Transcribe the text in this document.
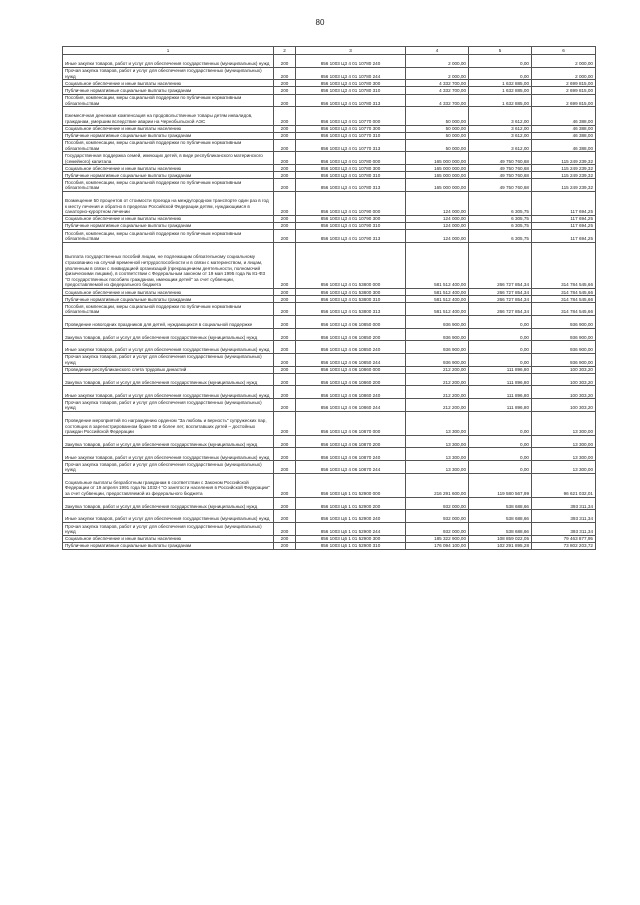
80
1	2	3	4	5	6
Иные закупки товаров, работ и услуг для обеспечения государственных (муниципальных) нужд	200	856 1003 Ц3 4 01 10780 240	2 000,00	0,00	2 000,00
Прочая закупка товаров, работ и услуг для обеспечения государственных (муниципальных) нужд	200	856 1003 Ц3 4 01 10780 244	2 000,00	0,00	2 000,00
Социальное обеспечение и иные выплаты населению	200	856 1003 Ц3 4 01 10780 300	4 332 700,00	1 632 885,00	2 699 815,00
Публичные нормативные социальные выплаты гражданам	200	856 1003 Ц3 4 01 10780 310	4 332 700,00	1 632 885,00	2 699 815,00
Пособия, компенсации, меры социальной поддержки по публичным нормативным обязательствам	200	856 1003 Ц3 4 01 10780 313	4 332 700,00	1 632 885,00	2 699 815,00
Ежемесячная денежная компенсация на продовольственные товары детям инвалидов, гражданам, умершим вследствие аварии на Чернобыльской АЭС	200	856 1003 Ц3 4 01 10770 000	50 000,00	3 612,00	46 388,00
Социальное обеспечение и иные выплаты населению	200	856 1003 Ц3 4 01 10770 300	50 000,00	3 612,00	46 388,00
Публичные нормативные социальные выплаты гражданам	200	856 1003 Ц3 4 01 10770 310	50 000,00	3 612,00	46 388,00
Пособия, компенсации, меры социальной поддержки по публичным нормативным обязательствам	200	856 1003 Ц3 4 01 10770 313	50 000,00	3 612,00	46 388,00
Государственная поддержка семей, имеющих детей, в виде республиканского материнского (семейного) капитала	200	856 1003 Ц3 4 01 10780 000	165 000 000,00	49 750 760,68	115 249 239,32
Социальное обеспечение и иные выплаты населению	200	856 1003 Ц3 4 01 10780 300	165 000 000,00	49 750 760,68	115 249 239,32
Публичные нормативные социальные выплаты гражданам	200	856 1003 Ц3 4 01 10780 310	165 000 000,00	49 750 760,68	115 249 239,32
Пособия, компенсации, меры социальной поддержки по публичным нормативным обязательствам	200	856 1003 Ц3 4 01 10780 313	165 000 000,00	49 750 760,68	115 249 239,32
Возмещение 50 процентов от стоимости проезда на междугородном транспорте один раз в год к месту лечения и обратно в пределах Российской Федерации детям, нуждающимся в санаторно-курортном лечении	200	856 1003 Ц3 4 01 10790 000	124 000,00	6 305,75	117 694,25
Социальное обеспечение и иные выплаты населению	200	856 1003 Ц3 4 01 10790 300	124 000,00	6 305,75	117 694,25
Публичные нормативные социальные выплаты гражданам	200	856 1003 Ц3 4 01 10790 310	124 000,00	6 305,75	117 694,25
Пособия, компенсации, меры социальной поддержки по публичным нормативным обязательствам	200	856 1003 Ц3 4 01 10790 313	124 000,00	6 305,75	117 694,25
Выплата государственных пособий лицам, не подлежащим обязательному социальному страхованию на случай временной нетрудоспособности и в связи с материнством, и лицам, уволенным в связи с ликвидацией организаций (прекращением деятельности, полномочий физическими лицами), в соответствии с Федеральным законом от 19 мая 1995 года № 81-ФЗ "О государственных пособиях гражданам, имеющим детей" за счет субвенции, предоставляемой из федерального бюджета	200	856 1003 Ц3 4 01 53800 000	581 512 400,00	266 727 854,34	314 784 545,66
Социальное обеспечение и иные выплаты населению	200	856 1003 Ц3 4 01 53800 300	581 512 400,00	266 727 854,34	314 784 545,66
Публичные нормативные социальные выплаты гражданам	200	856 1003 Ц3 4 01 53800 310	581 512 400,00	266 727 854,34	314 784 545,66
Пособия, компенсации, меры социальной поддержки по публичным нормативным обязательствам	200	856 1003 Ц3 4 01 53800 313	581 512 400,00	266 727 854,34	314 784 545,66
Проведение новогодних праздников для детей, нуждающихся в социальной поддержке	200	856 1003 Ц3 4 06 10850 000	936 900,00	0,00	936 900,00
Закупка товаров, работ и услуг для обеспечения государственных (муниципальных) нужд	200	856 1003 Ц3 4 06 10850 200	936 900,00	0,00	936 900,00
Иные закупки товаров, работ и услуг для обеспечения государственных (муниципальных) нужд	200	856 1003 Ц3 4 06 10850 240	936 900,00	0,00	936 900,00
Прочая закупка товаров, работ и услуг для обеспечения государственных (муниципальных) нужд	200	856 1003 Ц3 4 06 10850 244	936 900,00	0,00	936 900,00
Проведение республиканского слета трудовых династий	200	856 1003 Ц3 4 06 10860 000	212 200,00	111 896,80	100 303,20
Закупка товаров, работ и услуг для обеспечения государственных (муниципальных) нужд	200	856 1003 Ц3 4 06 10860 200	212 200,00	111 896,80	100 303,20
Иные закупки товаров, работ и услуг для обеспечения государственных (муниципальных) нужд	200	856 1003 Ц3 4 06 10860 240	212 200,00	111 896,80	100 303,20
Прочая закупка товаров, работ и услуг для обеспечения государственных (муниципальных) нужд	200	856 1003 Ц3 4 06 10860 244	212 200,00	111 896,80	100 303,20
Проведение мероприятий по награждению орденом "За любовь и верность" супружеских пар, состоящих в зарегистрированном браке 50 и более лет, воспитавших детей – достойных граждан Российской Федерации	200	856 1003 Ц3 4 06 10870 000	13 300,00	0,00	13 300,00
Закупка товаров, работ и услуг для обеспечения государственных (муниципальных) нужд	200	856 1003 Ц3 4 06 10870 200	13 300,00	0,00	13 300,00
Иные закупки товаров, работ и услуг для обеспечения государственных (муниципальных) нужд	200	856 1003 Ц3 4 06 10870 240	13 300,00	0,00	13 300,00
Прочая закупка товаров, работ и услуг для обеспечения государственных (муниципальных) нужд	200	856 1003 Ц3 4 06 10870 244	13 300,00	0,00	13 300,00
Социальные выплаты безработным гражданам в соответствии с Законом Российской Федерации от 19 апреля 1991 года № 1032-I "О занятости населения в Российской Федерации" за счет субвенции, предоставляемой из федерального бюджета	200	856 1003 Ц6 1 01 52900 000	216 291 600,00	119 580 567,99	96 621 032,01
Закупка товаров, работ и услуг для обеспечения государственных (муниципальных) нужд	200	856 1003 Ц6 1 01 52900 200	932 000,00	538 688,66	393 311,34
Иные закупки товаров, работ и услуг для обеспечения государственных (муниципальных) нужд	200	856 1003 Ц6 1 01 52900 240	932 000,00	538 688,66	393 311,34
Прочая закупка товаров, работ и услуг для обеспечения государственных (муниципальных) нужд	200	856 1003 Ц6 1 01 52900 244	932 000,00	538 688,66	393 311,34
Социальное обеспечение и иные выплаты населению	200	856 1003 Ц6 1 01 52900 300	185 322 900,00	108 859 022,05	79 463 877,95
Публичные нормативные социальные выплаты гражданам	200	856 1003 Ц6 1 01 52900 310	176 094 100,00	102 291 895,28	73 802 203,72
